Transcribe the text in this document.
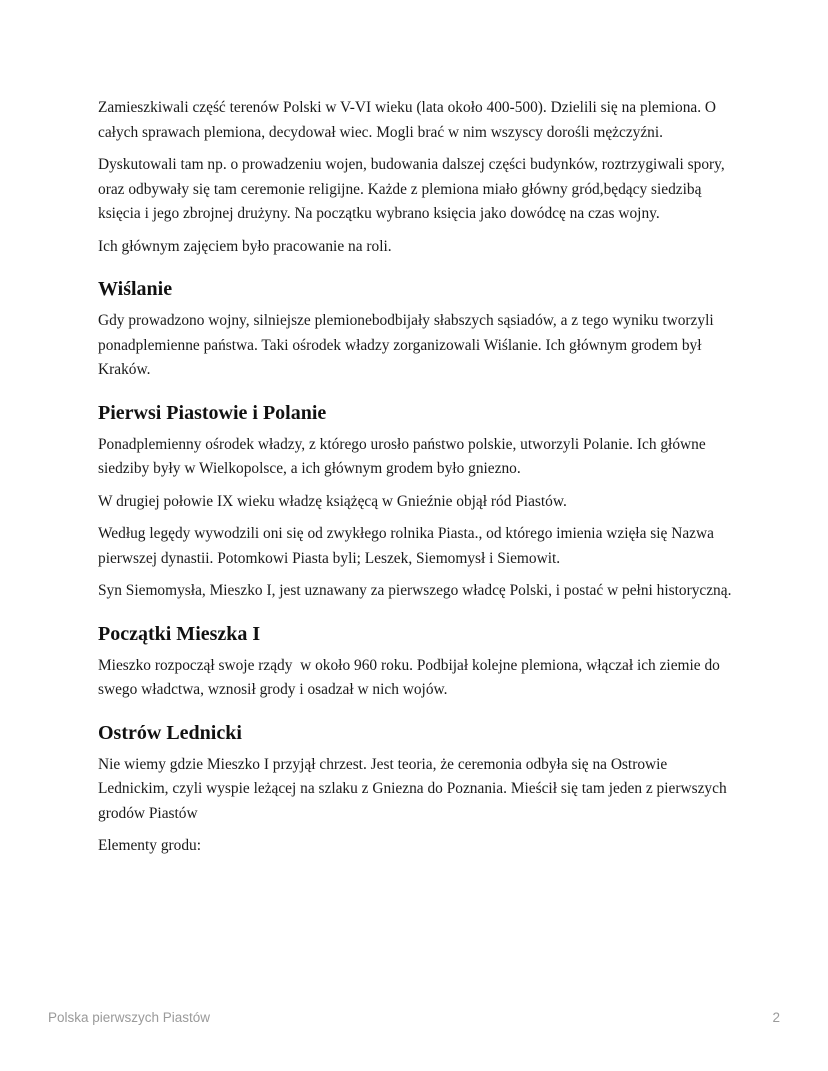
Zamieszkiwali część terenów Polski w V-VI wieku (lata około 400-500). Dzielili się na plemiona. O całych sprawach plemiona, decydował wiec. Mogli brać w nim wszyscy dorośli mężczyźni.

Dyskutowali tam np. o prowadzeniu wojen, budowania dalszej części budynków, roztrzygiwali spory, oraz odbywały się tam ceremonie religijne. Każde z plemiona miało główny gród,będący siedzibą księcia i jego zbrojnej drużyny. Na początku wybrano księcia jako dowódcę na czas wojny.

Ich głównym zajęciem było pracowanie na roli.

Wiślanie

Gdy prowadzono wojny, silniejsze plemionebodbijały słabszych sąsiadów, a z tego wyniku tworzyli ponadplemienne państwa. Taki ośrodek władzy zorganizowali Wiślanie. Ich głównym grodem był Kraków.

Pierwsi Piastowie i Polanie

Ponadplemienny ośrodek władzy, z którego urosło państwo polskie, utworzyli Polanie. Ich główne siedziby były w Wielkopolsce, a ich głównym grodem było gniezno.

W drugiej połowie IX wieku władzę książęcą w Gnieźnie objął ród Piastów.

Według legędy wywodzili oni się od zwykłego rolnika Piasta., od którego imienia wzięła się Nazwa pierwszej dynastii. Potomkowi Piasta byli; Leszek, Siemomysł i Siemowit.

Syn Siemomysła, Mieszko I, jest uznawany za pierwszego władcę Polski, i postać w pełni historyczną.

Początki Mieszka I

Mieszko rozpoczął swoje rządy  w około 960 roku. Podbijał kolejne plemiona, włączał ich ziemie do swego władctwa, wznosił grody i osadzał w nich wojów.

Ostrów Lednicki

Nie wiemy gdzie Mieszko I przyjął chrzest. Jest teoria, że ceremonia odbyła się na Ostrowie Lednickim, czyli wyspie leżącej na szlaku z Gniezna do Poznania. Mieścił się tam jeden z pierwszych grodów Piastów

Elementy grodu:

Polska pierwszych Piastów	2
